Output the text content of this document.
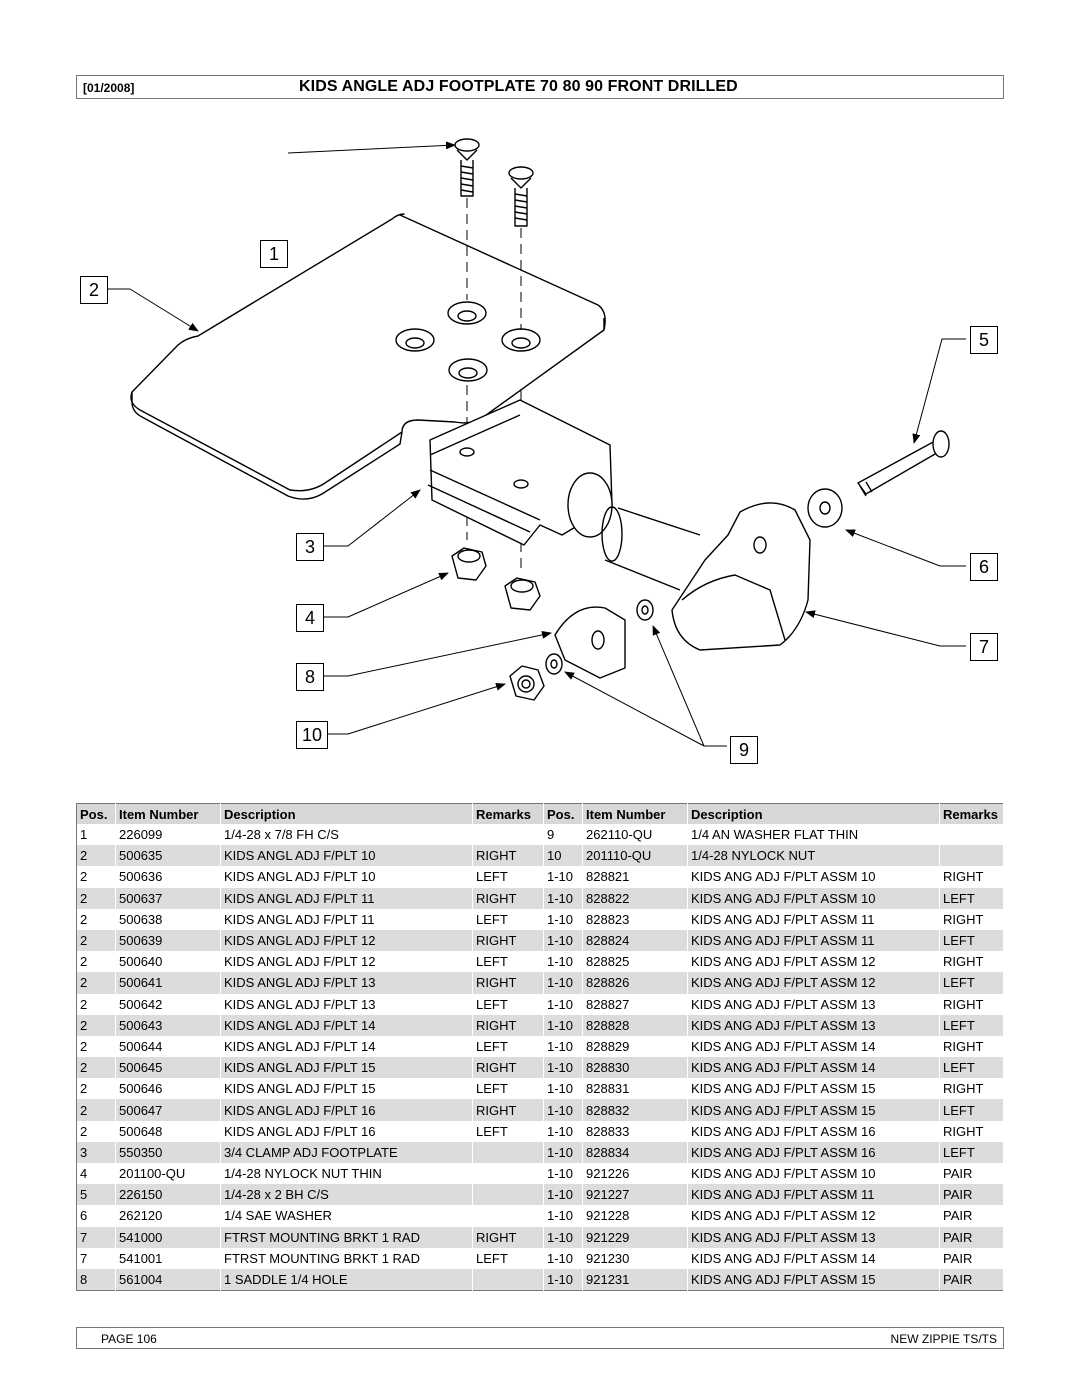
[01/2008]	KIDS ANGLE ADJ FOOTPLATE 70 80 90 FRONT DRILLED
1
2
3
4
5
6
7
8
9
10
Pos.	Item Number	Description	Remarks	Pos.	Item Number	Description	Remarks
1	226099	1/4-28 x 7/8 FH C/S		9	262110-QU	1/4 AN WASHER FLAT THIN	
2	500635	KIDS ANGL ADJ F/PLT 10	RIGHT	10	201110-QU	1/4-28 NYLOCK NUT	
2	500636	KIDS ANGL ADJ F/PLT 10	LEFT	1-10	828821	KIDS ANG ADJ F/PLT ASSM 10	RIGHT
2	500637	KIDS ANGL ADJ F/PLT 11	RIGHT	1-10	828822	KIDS ANG ADJ F/PLT ASSM 10	LEFT
2	500638	KIDS ANGL ADJ F/PLT 11	LEFT	1-10	828823	KIDS ANG ADJ F/PLT ASSM 11	RIGHT
2	500639	KIDS ANGL ADJ F/PLT 12	RIGHT	1-10	828824	KIDS ANG ADJ F/PLT ASSM 11	LEFT
2	500640	KIDS ANGL ADJ F/PLT 12	LEFT	1-10	828825	KIDS ANG ADJ F/PLT ASSM 12	RIGHT
2	500641	KIDS ANGL ADJ F/PLT 13	RIGHT	1-10	828826	KIDS ANG ADJ F/PLT ASSM 12	LEFT
2	500642	KIDS ANGL ADJ F/PLT 13	LEFT	1-10	828827	KIDS ANG ADJ F/PLT ASSM 13	RIGHT
2	500643	KIDS ANGL ADJ F/PLT 14	RIGHT	1-10	828828	KIDS ANG ADJ F/PLT ASSM 13	LEFT
2	500644	KIDS ANGL ADJ F/PLT 14	LEFT	1-10	828829	KIDS ANG ADJ F/PLT ASSM 14	RIGHT
2	500645	KIDS ANGL ADJ F/PLT 15	RIGHT	1-10	828830	KIDS ANG ADJ F/PLT ASSM 14	LEFT
2	500646	KIDS ANGL ADJ F/PLT 15	LEFT	1-10	828831	KIDS ANG ADJ F/PLT ASSM 15	RIGHT
2	500647	KIDS ANGL ADJ F/PLT 16	RIGHT	1-10	828832	KIDS ANG ADJ F/PLT ASSM 15	LEFT
2	500648	KIDS ANGL ADJ F/PLT 16	LEFT	1-10	828833	KIDS ANG ADJ F/PLT ASSM 16	RIGHT
3	550350	3/4 CLAMP ADJ FOOTPLATE		1-10	828834	KIDS ANG ADJ F/PLT ASSM 16	LEFT
4	201100-QU	1/4-28 NYLOCK NUT THIN		1-10	921226	KIDS ANG ADJ F/PLT ASSM 10	PAIR
5	226150	1/4-28 x 2 BH C/S		1-10	921227	KIDS ANG ADJ F/PLT ASSM 11	PAIR
6	262120	1/4 SAE WASHER		1-10	921228	KIDS ANG ADJ F/PLT ASSM 12	PAIR
7	541000	FTRST MOUNTING BRKT 1 RAD	RIGHT	1-10	921229	KIDS ANG ADJ F/PLT ASSM 13	PAIR
7	541001	FTRST MOUNTING BRKT 1 RAD	LEFT	1-10	921230	KIDS ANG ADJ F/PLT ASSM 14	PAIR
8	561004	1 SADDLE 1/4 HOLE		1-10	921231	KIDS ANG ADJ F/PLT ASSM 15	PAIR
PAGE 106	NEW ZIPPIE TS/TS
